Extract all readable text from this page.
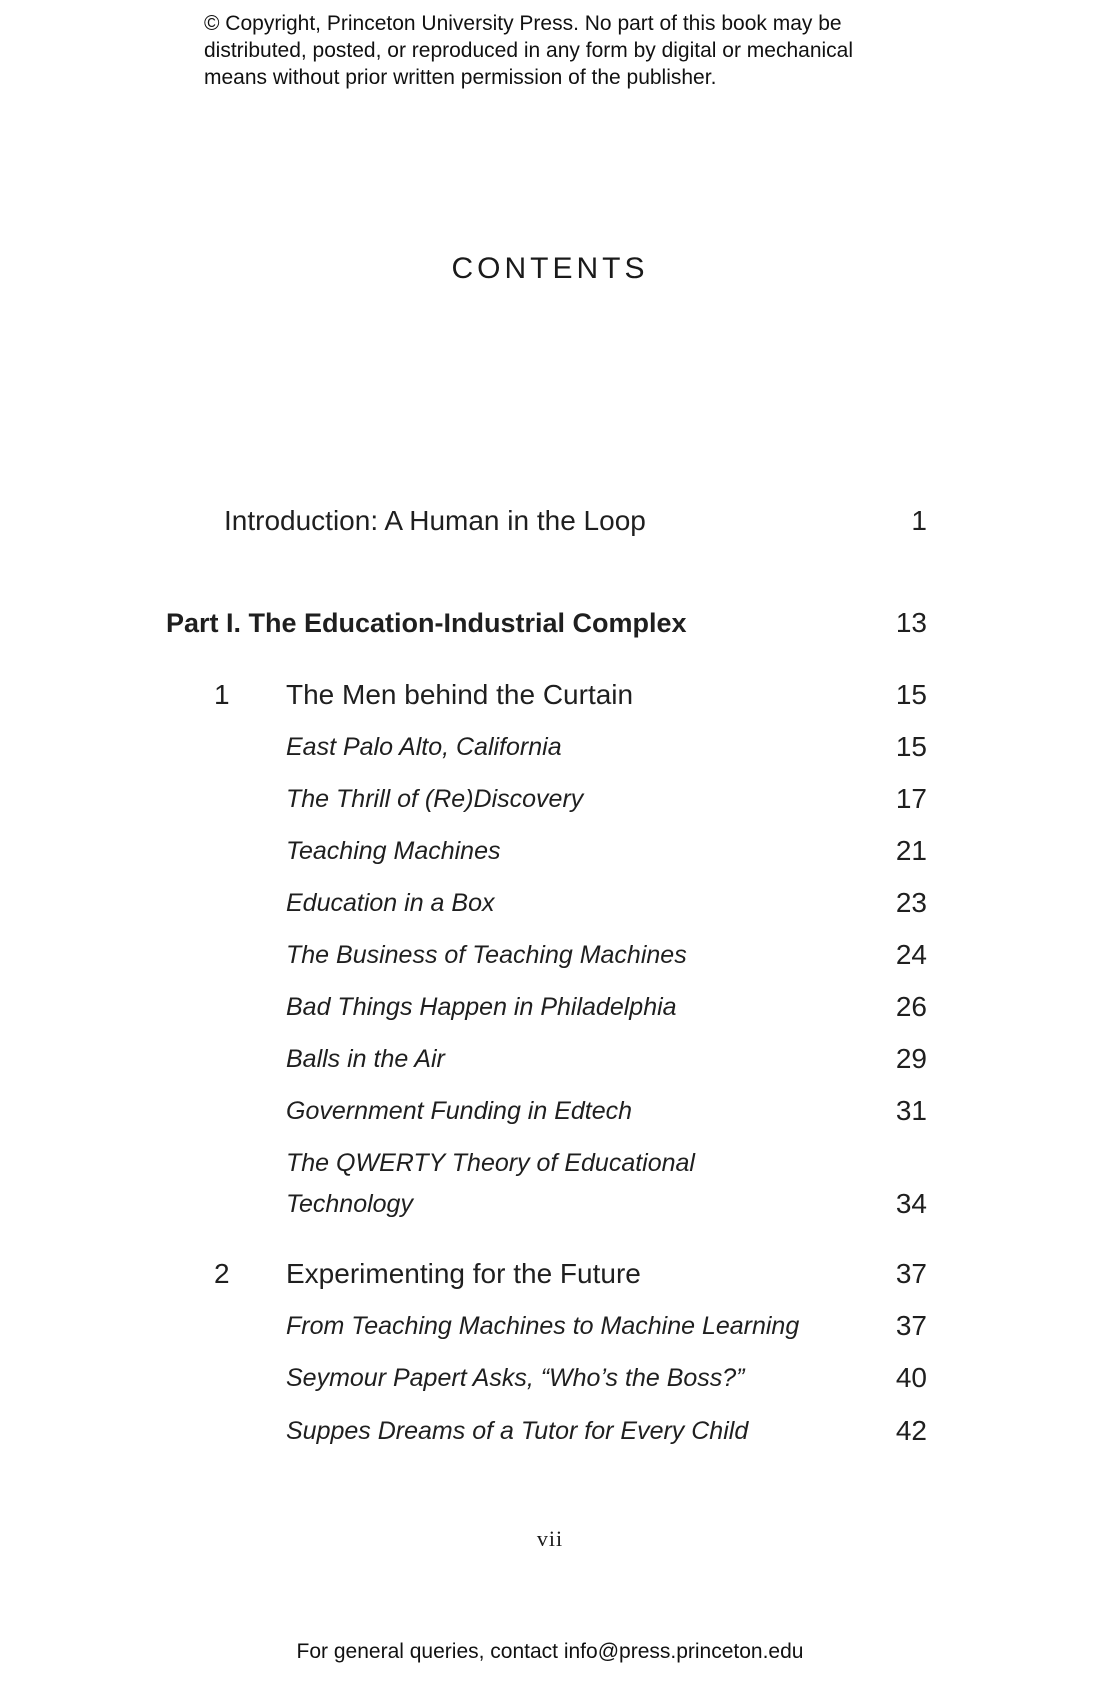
© Copyright, Princeton University Press. No part of this book may be
distributed, posted, or reproduced in any form by digital or mechanical
means without prior written permission of the publisher.
CONTENTS
Introduction: A Human in the Loop	1
Part I. The Education-Industrial Complex	13
1 The Men behind the Curtain	15
East Palo Alto, California	15
The Thrill of (Re)Discovery	17
Teaching Machines	21
Education in a Box	23
The Business of Teaching Machines	24
Bad Things Happen in Philadelphia	26
Balls in the Air	29
Government Funding in Edtech	31
The QWERTY Theory of Educational
Technology	34
2 Experimenting for the Future	37
From Teaching Machines to Machine Learning	37
Seymour Papert Asks, “Who’s the Boss?”	40
Suppes Dreams of a Tutor for Every Child	42
vii
For general queries, contact info@press.princeton.edu
